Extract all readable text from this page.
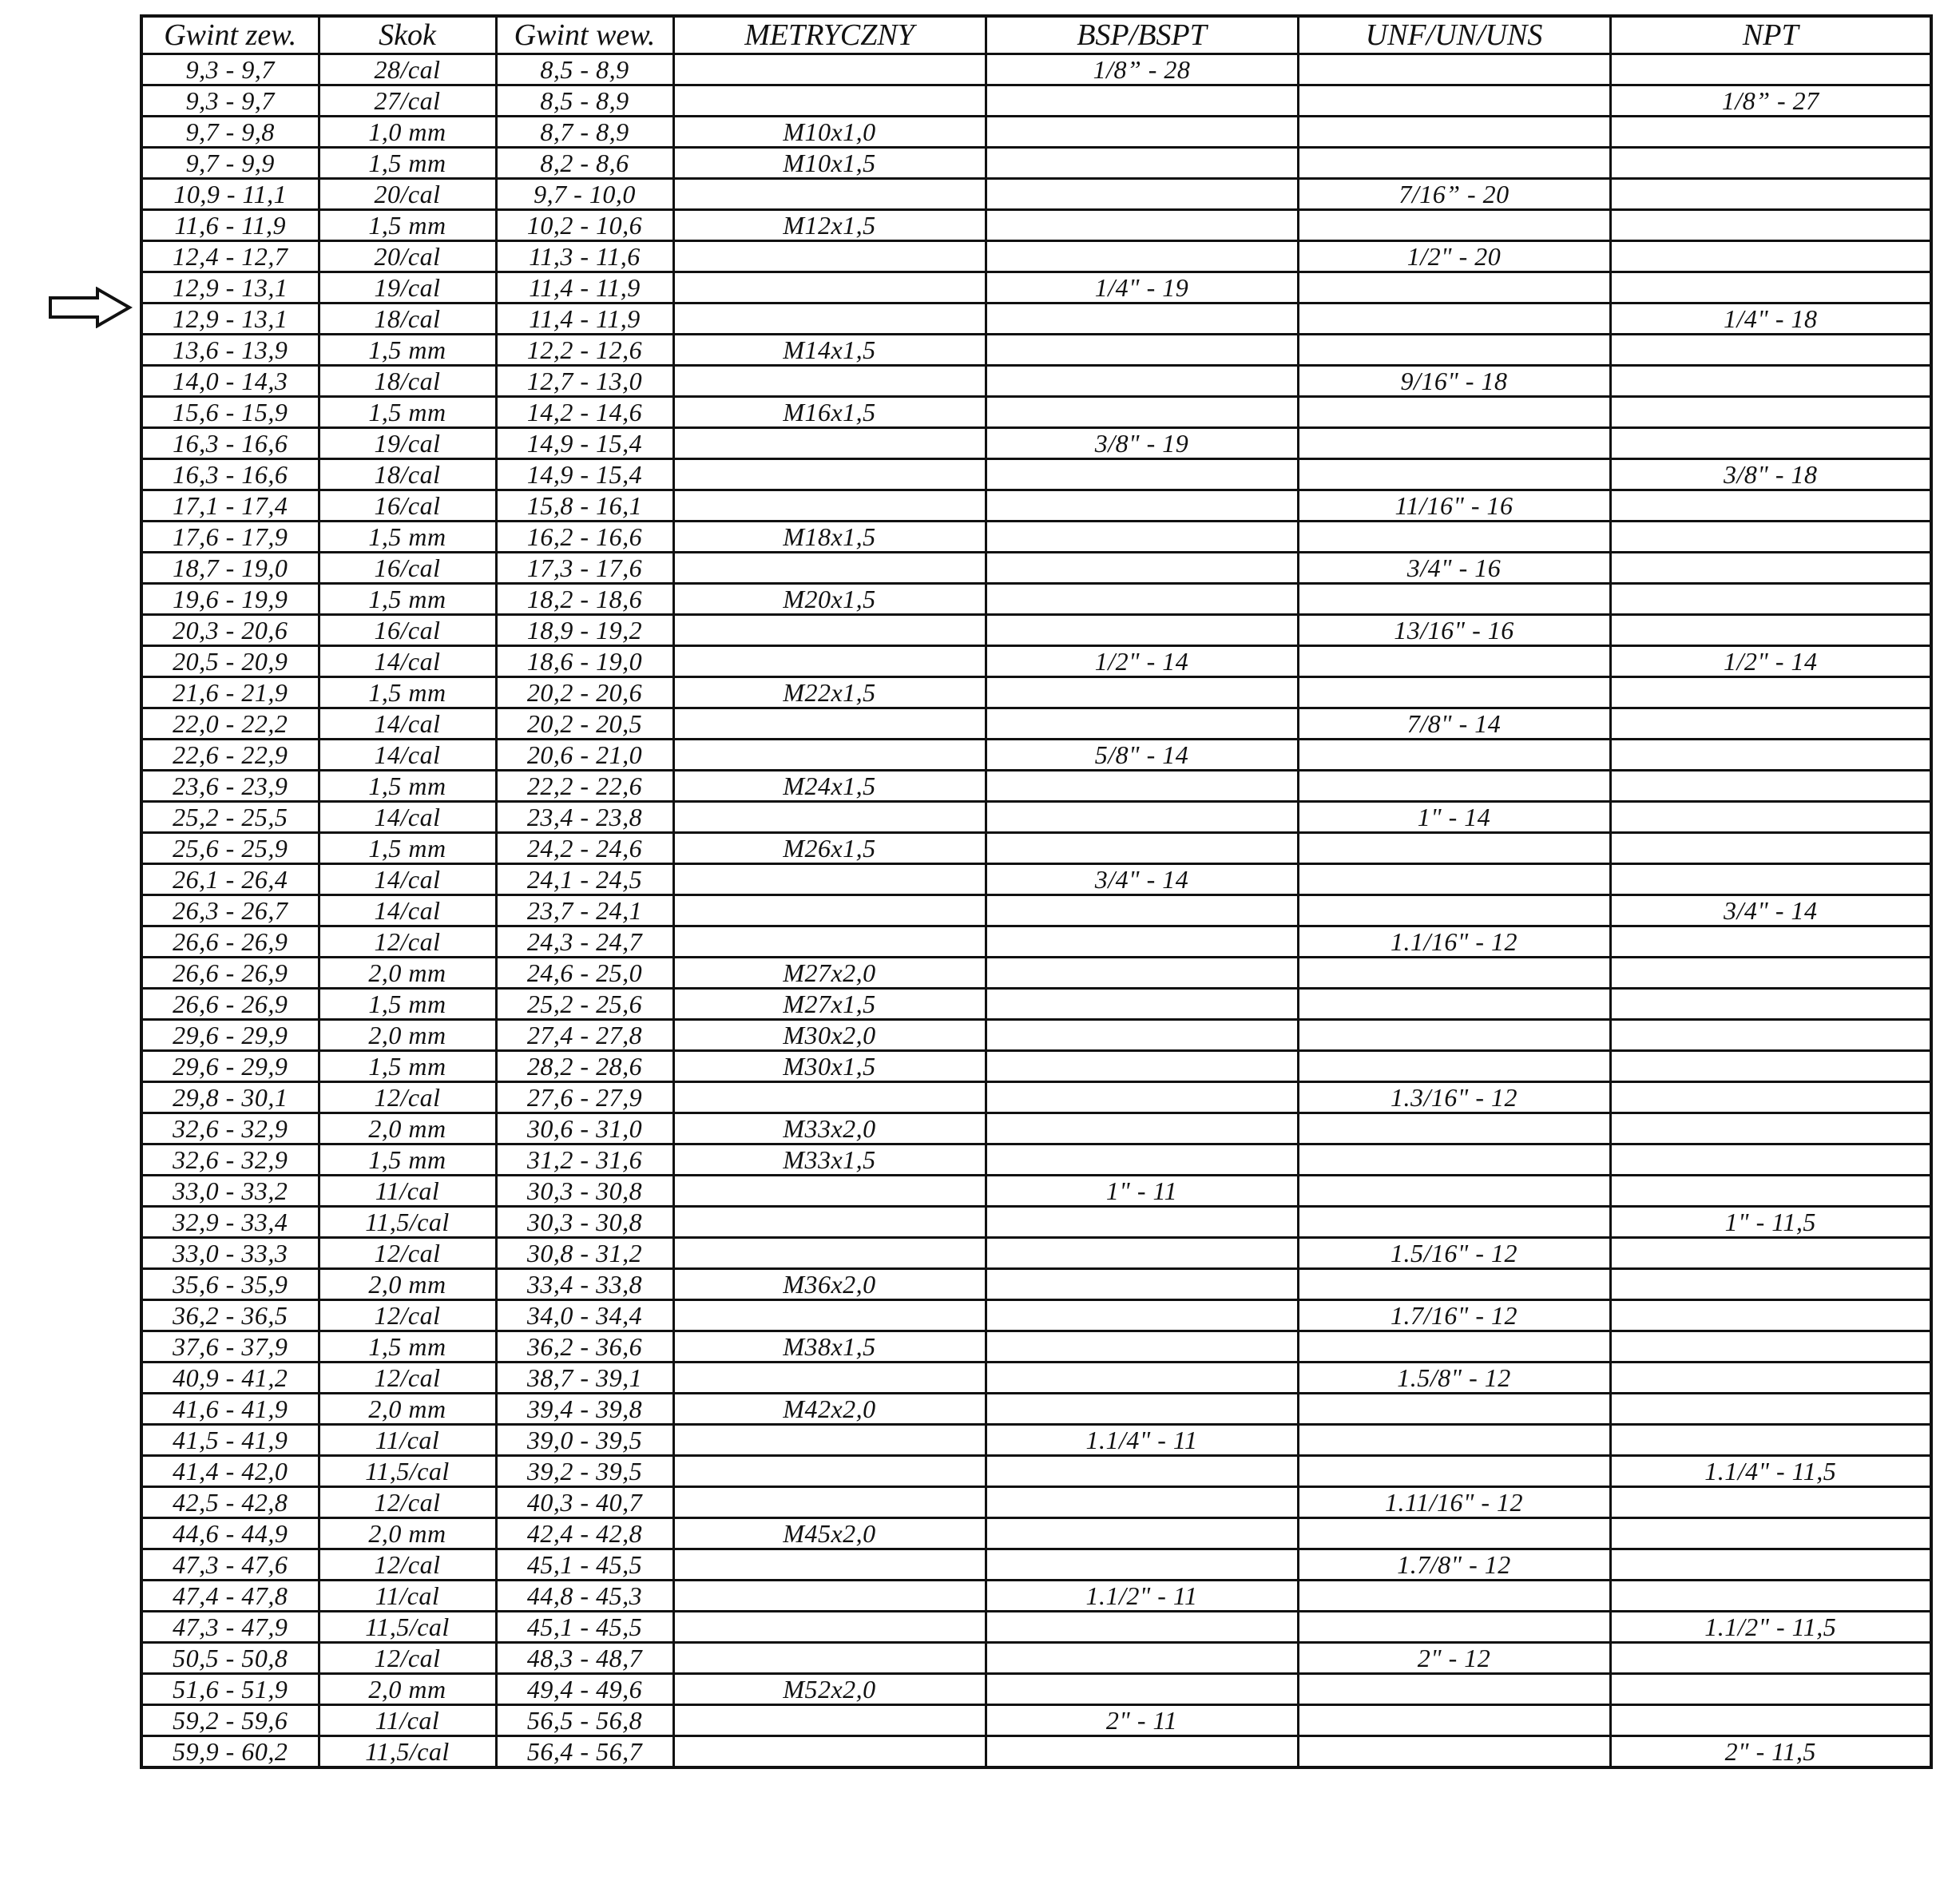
Gwint zew.	Skok	Gwint wew.	METRYCZNY	BSP/BSPT	UNF/UN/UNS	NPT
9,3 - 9,7	28/cal	8,5 - 8,9		1/8” - 28		
9,3 - 9,7	27/cal	8,5 - 8,9				1/8” - 27
9,7 - 9,8	1,0 mm	8,7 - 8,9	M10x1,0			
9,7 - 9,9	1,5 mm	8,2 - 8,6	M10x1,5			
10,9 - 11,1	20/cal	9,7 - 10,0			7/16” - 20	
11,6 - 11,9	1,5 mm	10,2 - 10,6	M12x1,5			
12,4 - 12,7	20/cal	11,3 - 11,6			1/2" - 20	
12,9 - 13,1	19/cal	11,4 - 11,9		1/4" - 19		
12,9 - 13,1	18/cal	11,4 - 11,9				1/4" - 18
13,6 - 13,9	1,5 mm	12,2 - 12,6	M14x1,5			
14,0 - 14,3	18/cal	12,7 - 13,0			9/16" - 18	
15,6 - 15,9	1,5 mm	14,2 - 14,6	M16x1,5			
16,3 - 16,6	19/cal	14,9 - 15,4		3/8" - 19		
16,3 - 16,6	18/cal	14,9 - 15,4				3/8" - 18
17,1 - 17,4	16/cal	15,8 - 16,1			11/16" - 16	
17,6 - 17,9	1,5 mm	16,2 - 16,6	M18x1,5			
18,7 - 19,0	16/cal	17,3 - 17,6			3/4" - 16	
19,6 - 19,9	1,5 mm	18,2 - 18,6	M20x1,5			
20,3 - 20,6	16/cal	18,9 - 19,2			13/16" - 16	
20,5 - 20,9	14/cal	18,6 - 19,0		1/2" - 14		1/2" - 14
21,6 - 21,9	1,5 mm	20,2 - 20,6	M22x1,5			
22,0 - 22,2	14/cal	20,2 - 20,5			7/8" - 14	
22,6 - 22,9	14/cal	20,6 - 21,0		5/8" - 14		
23,6 - 23,9	1,5 mm	22,2 - 22,6	M24x1,5			
25,2 - 25,5	14/cal	23,4 - 23,8			1" - 14	
25,6 - 25,9	1,5 mm	24,2 - 24,6	M26x1,5			
26,1 - 26,4	14/cal	24,1 - 24,5		3/4" - 14		
26,3 - 26,7	14/cal	23,7 - 24,1				3/4" - 14
26,6 - 26,9	12/cal	24,3 - 24,7			1.1/16" - 12	
26,6 - 26,9	2,0 mm	24,6 - 25,0	M27x2,0			
26,6 - 26,9	1,5 mm	25,2 - 25,6	M27x1,5			
29,6 - 29,9	2,0 mm	27,4 - 27,8	M30x2,0			
29,6 - 29,9	1,5 mm	28,2 - 28,6	M30x1,5			
29,8 - 30,1	12/cal	27,6 - 27,9			1.3/16" - 12	
32,6 - 32,9	2,0 mm	30,6 - 31,0	M33x2,0			
32,6 - 32,9	1,5 mm	31,2 - 31,6	M33x1,5			
33,0 - 33,2	11/cal	30,3 - 30,8		1" - 11		
32,9 - 33,4	11,5/cal	30,3 - 30,8				1" - 11,5
33,0 - 33,3	12/cal	30,8 - 31,2			1.5/16" - 12	
35,6 - 35,9	2,0 mm	33,4 - 33,8	M36x2,0			
36,2 - 36,5	12/cal	34,0 - 34,4			1.7/16" - 12	
37,6 - 37,9	1,5 mm	36,2 - 36,6	M38x1,5			
40,9 - 41,2	12/cal	38,7 - 39,1			1.5/8" - 12	
41,6 - 41,9	2,0 mm	39,4 - 39,8	M42x2,0			
41,5 - 41,9	11/cal	39,0 - 39,5		1.1/4" - 11		
41,4 - 42,0	11,5/cal	39,2 - 39,5				1.1/4" - 11,5
42,5 - 42,8	12/cal	40,3 - 40,7			1.11/16" - 12	
44,6 - 44,9	2,0 mm	42,4 - 42,8	M45x2,0			
47,3 - 47,6	12/cal	45,1 - 45,5			1.7/8" - 12	
47,4 - 47,8	11/cal	44,8 - 45,3		1.1/2" - 11		
47,3 - 47,9	11,5/cal	45,1 - 45,5				1.1/2" - 11,5
50,5 - 50,8	12/cal	48,3 - 48,7			2" - 12	
51,6 - 51,9	2,0 mm	49,4 - 49,6	M52x2,0			
59,2 - 59,6	11/cal	56,5 - 56,8		2" - 11		
59,9 - 60,2	11,5/cal	56,4 - 56,7				2" - 11,5
